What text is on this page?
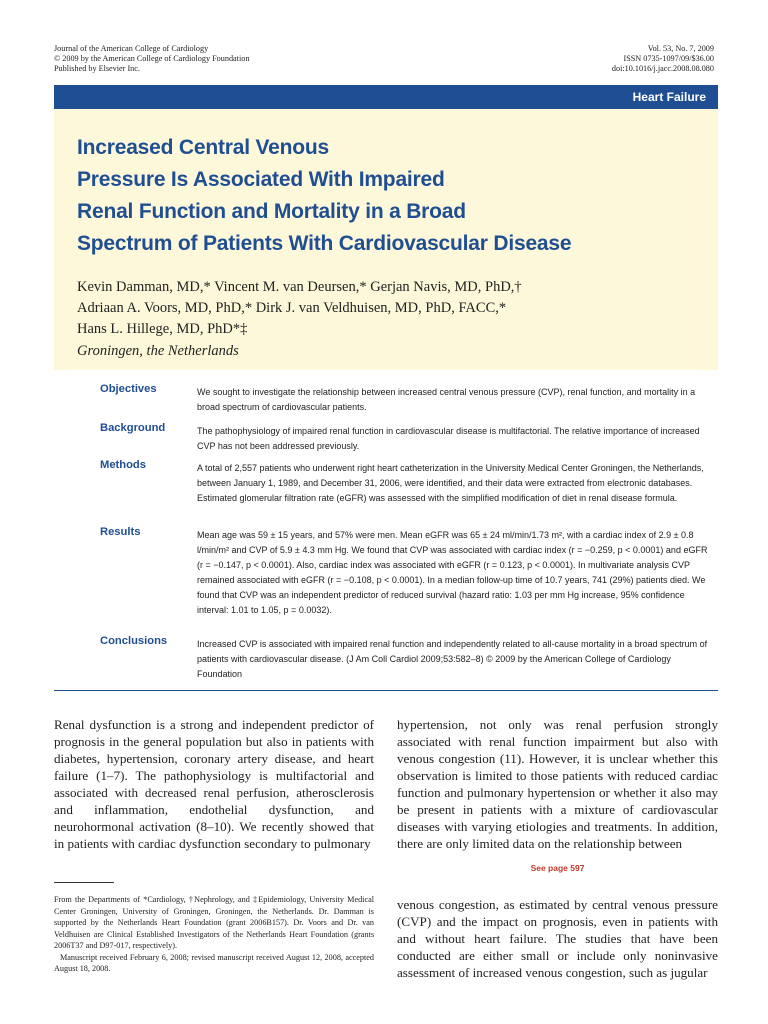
Journal of the American College of Cardiology
© 2009 by the American College of Cardiology Foundation
Published by Elsevier Inc.
Vol. 53, No. 7, 2009
ISSN 0735-1097/09/$36.00
doi:10.1016/j.jacc.2008.08.080
Heart Failure
Increased Central Venous
Pressure Is Associated With Impaired
Renal Function and Mortality in a Broad
Spectrum of Patients With Cardiovascular Disease
Kevin Damman, MD,* Vincent M. van Deursen,* Gerjan Navis, MD, PhD,†
Adriaan A. Voors, MD, PhD,* Dirk J. van Veldhuisen, MD, PhD, FACC,*
Hans L. Hillege, MD, PhD*‡
Groningen, the Netherlands
Objectives	We sought to investigate the relationship between increased central venous pressure (CVP), renal function, and mortality in a broad spectrum of cardiovascular patients.
Background	The pathophysiology of impaired renal function in cardiovascular disease is multifactorial. The relative importance of increased CVP has not been addressed previously.
Methods	A total of 2,557 patients who underwent right heart catheterization in the University Medical Center Groningen, the Netherlands, between January 1, 1989, and December 31, 2006, were identified, and their data were extracted from electronic databases. Estimated glomerular filtration rate (eGFR) was assessed with the simplified modification of diet in renal disease formula.
Results	Mean age was 59 ± 15 years, and 57% were men. Mean eGFR was 65 ± 24 ml/min/1.73 m², with a cardiac index of 2.9 ± 0.8 l/min/m² and CVP of 5.9 ± 4.3 mm Hg. We found that CVP was associated with cardiac index (r = −0.259, p < 0.0001) and eGFR (r = −0.147, p < 0.0001). Also, cardiac index was associated with eGFR (r = 0.123, p < 0.0001). In multivariate analysis CVP remained associated with eGFR (r = −0.108, p < 0.0001). In a median follow-up time of 10.7 years, 741 (29%) patients died. We found that CVP was an independent predictor of reduced survival (hazard ratio: 1.03 per mm Hg increase, 95% confidence interval: 1.01 to 1.05, p = 0.0032).
Conclusions	Increased CVP is associated with impaired renal function and independently related to all-cause mortality in a broad spectrum of patients with cardiovascular disease. (J Am Coll Cardiol 2009;53:582–8) © 2009 by the American College of Cardiology Foundation
Renal dysfunction is a strong and independent predictor of prognosis in the general population but also in patients with diabetes, hypertension, coronary artery disease, and heart failure (1–7). The pathophysiology is multifactorial and associated with decreased renal perfusion, atherosclerosis and inflammation, endothelial dysfunction, and neurohormonal activation (8–10). We recently showed that in patients with cardiac dysfunction secondary to pulmonary
hypertension, not only was renal perfusion strongly associated with renal function impairment but also with venous congestion (11). However, it is unclear whether this observation is limited to those patients with reduced cardiac function and pulmonary hypertension or whether it also may be present in patients with a mixture of cardiovascular diseases with varying etiologies and treatments. In addition, there are only limited data on the relationship between
See page 597
venous congestion, as estimated by central venous pressure (CVP) and the impact on prognosis, even in patients with and without heart failure. The studies that have been conducted are either small or include only noninvasive assessment of increased venous congestion, such as jugular

From the Departments of *Cardiology, †Nephrology, and ‡Epidemiology, University Medical Center Groningen, University of Groningen, Groningen, the Netherlands. Dr. Damman is supported by the Netherlands Heart Foundation (grant 2006B157). Dr. Voors and Dr. van Veldhuisen are Clinical Established Investigators of the Netherlands Heart Foundation (grants 2006T37 and D97-017, respectively).

Manuscript received February 6, 2008; revised manuscript received August 12, 2008, accepted August 18, 2008.
